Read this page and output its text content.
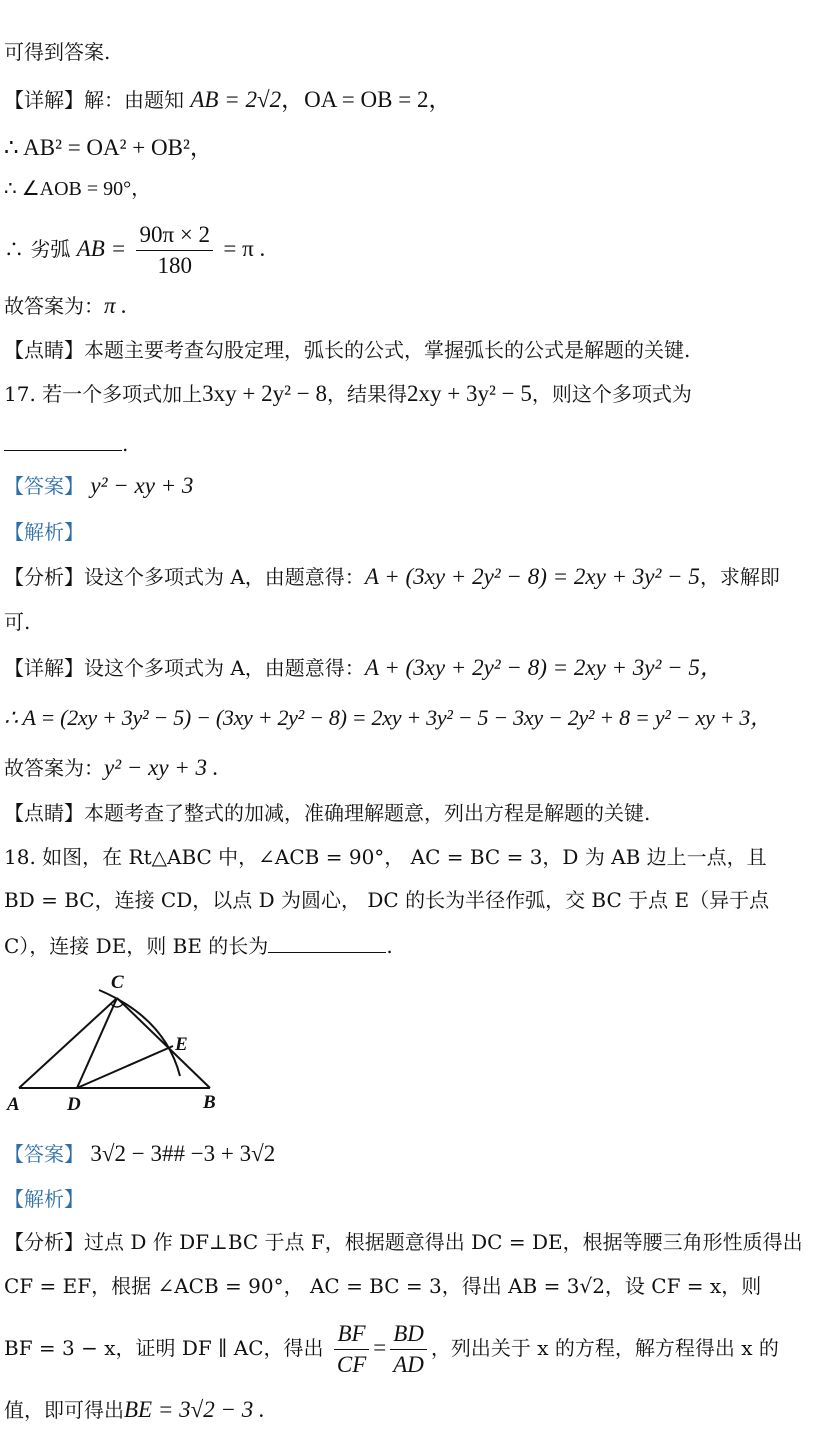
可得到答案.
【详解】解：由题知 AB = 2√2，OA = OB = 2，
∴ AB² = OA² + OB²，
∴ ∠AOB = 90°，
∴ 劣弧 AB = $\frac{90\pi \times 2}{180} = \pi$ .
故答案为：π .
【点睛】本题主要考查勾股定理，弧长的公式，掌握弧长的公式是解题的关键.
17. 若一个多项式加上3xy + 2y² − 8，结果得2xy + 3y² − 5，则这个多项式为
.
【答案】 y² − xy + 3
【解析】
【分析】设这个多项式为 A，由题意得：A + (3xy + 2y² − 8) = 2xy + 3y² − 5，求解即
可.
【详解】设这个多项式为 A，由题意得：A + (3xy + 2y² − 8) = 2xy + 3y² − 5，
∴ A = (2xy + 3y² − 5) − (3xy + 2y² − 8) = 2xy + 3y² − 5 − 3xy − 2y² + 8 = y² − xy + 3，
故答案为：y² − xy + 3 .
【点睛】本题考查了整式的加减，准确理解题意，列出方程是解题的关键.
18. 如图，在 Rt△ABC 中，∠ACB = 90°， AC = BC = 3，D 为 AB 边上一点，且
BD = BC，连接 CD，以点 D 为圆心， DC 的长为半径作弧，交 BC 于点 E（异于点
C），连接 DE，则 BE 的长为	.
C
E
A D	B
【答案】 3√2 − 3## −3 + 3√2
【解析】
【分析】过点 D 作 DF⊥BC 于点 F，根据题意得出 DC = DE，根据等腰三角形性质得出
CF = EF，根据 ∠ACB = 90°， AC = BC = 3，得出 AB = 3√2，设 CF = x，则
BF = 3 − x，证明 DF ∥ AC，得出 $\frac{BF}{CF} = \frac{BD}{AD}$ ，列出关于 x 的方程，解方程得出 x 的
值，即可得出BE = 3√2 − 3 .
